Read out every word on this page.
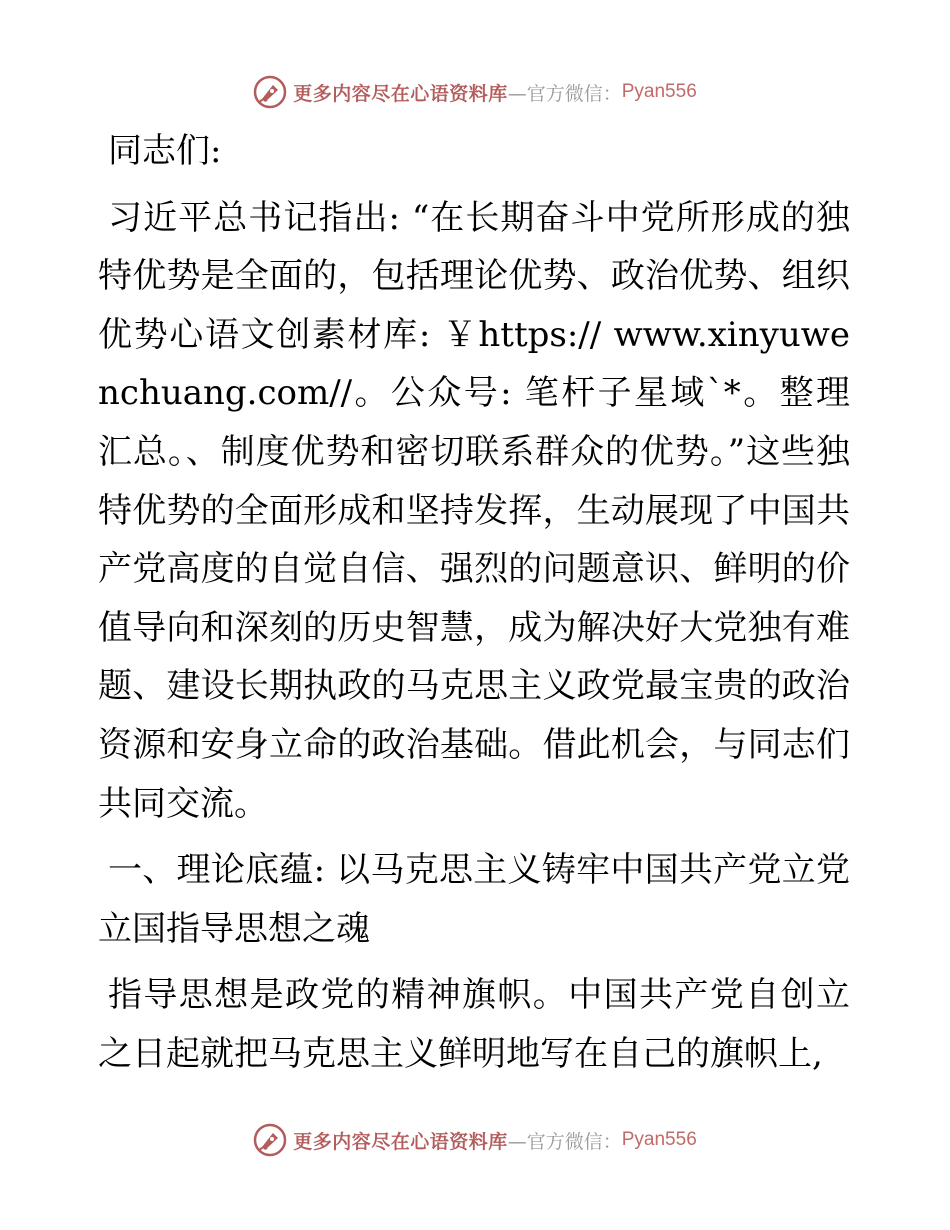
更多内容尽在心语资料库 —官方微信： Pyan556

同志们:

习近平总书记指出: “在长期奋斗中党所形成的独特优势是全面的，包括理论优势、政治优势、组织优势心语文创素材库: ￥https:// www.xinyuwenchuang.com//。公众号: 笔杆子星域`*。整理汇总。、制度优势和密切联系群众的优势。”这些独特优势的全面形成和坚持发挥，生动展现了中国共产党高度的自觉自信、强烈的问题意识、鲜明的价值导向和深刻的历史智慧，成为解决好大党独有难题、建设长期执政的马克思主义政党最宝贵的政治资源和安身立命的政治基础。借此机会，与同志们共同交流。

一、理论底蕴: 以马克思主义铸牢中国共产党立党立国指导思想之魂

指导思想是政党的精神旗帜。中国共产党自创立之日起就把马克思主义鲜明地写在自己的旗帜上,

更多内容尽在心语资料库 —官方微信： Pyan556
